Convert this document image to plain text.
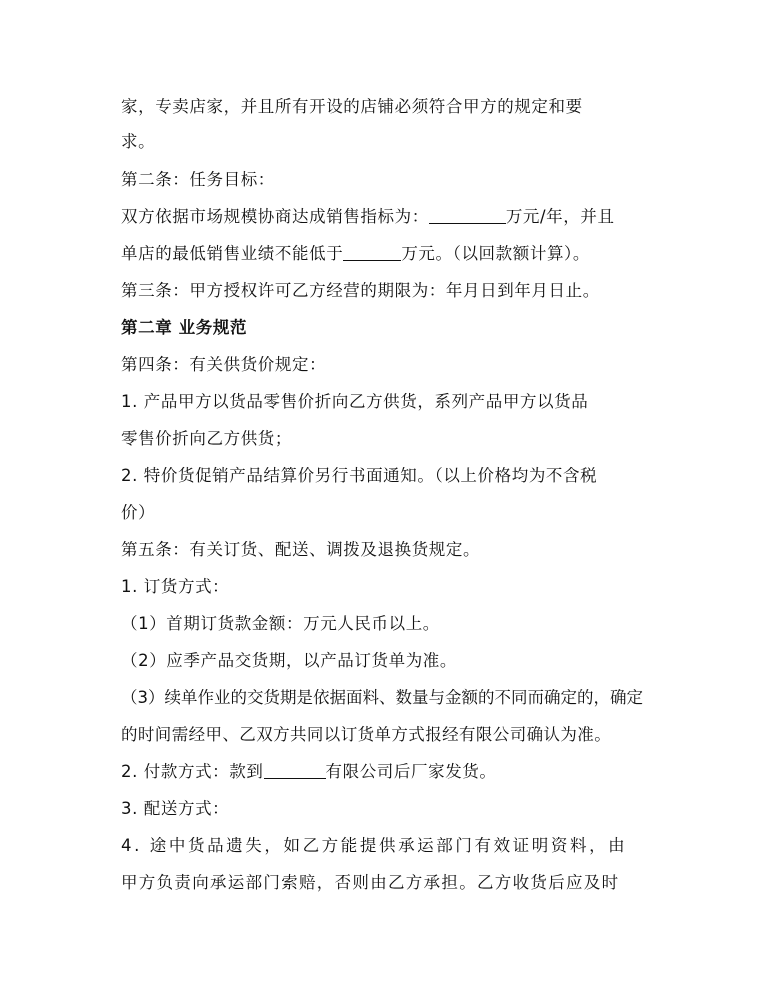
家，专卖店家，并且所有开设的店铺必须符合甲方的规定和要
求。
第二条：任务目标：
双方依据市场规模协商达成销售指标为：	万元/年，并且
单店的最低销售业绩不能低于	万元。（以回款额计算）。
第三条：甲方授权许可乙方经营的期限为：年月日到年月日止。
第二章 业务规范
第四条：有关供货价规定：
1. 产品甲方以货品零售价折向乙方供货，系列产品甲方以货品
零售价折向乙方供货；
2. 特价货促销产品结算价另行书面通知。（以上价格均为不含税
价）
第五条：有关订货、配送、调拨及退换货规定。
1. 订货方式：
（1）首期订货款金额：万元人民币以上。
（2）应季产品交货期，以产品订货单为准。
（3）续单作业的交货期是依据面料、数量与金额的不同而确定的，确定
的时间需经甲、乙双方共同以订货单方式报经有限公司确认为准。
2. 付款方式：款到	有限公司后厂家发货。
3. 配送方式：
4. 途中货品遗失，如乙方能提供承运部门有效证明资料，由
甲方负责向承运部门索赔，否则由乙方承担。乙方收货后应及时
